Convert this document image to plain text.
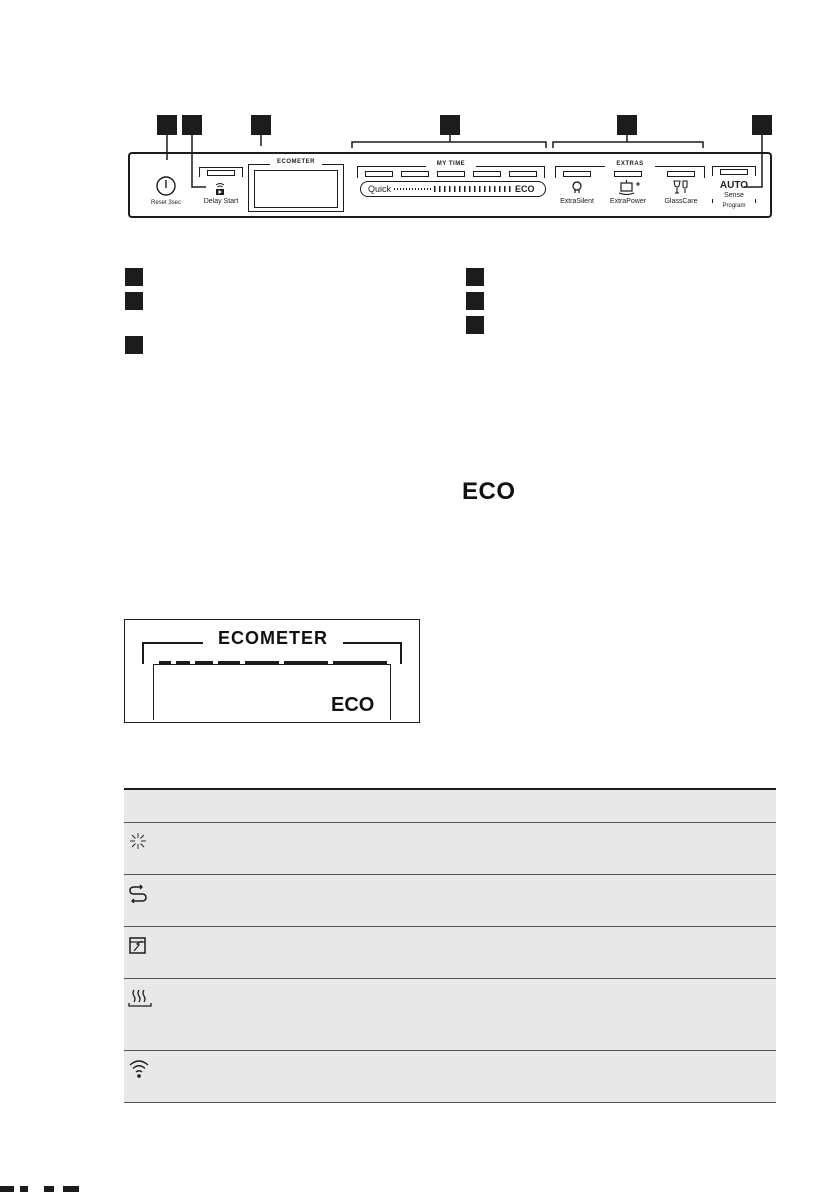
Reset 3sec	Delay Start
ECOMETER	MY TIME
Quick	ECO
EXTRAS
ExtraSilent	ExtraPower	GlassCare
AUTO
Sense
Program
ECO
ECOMETER
ECO
